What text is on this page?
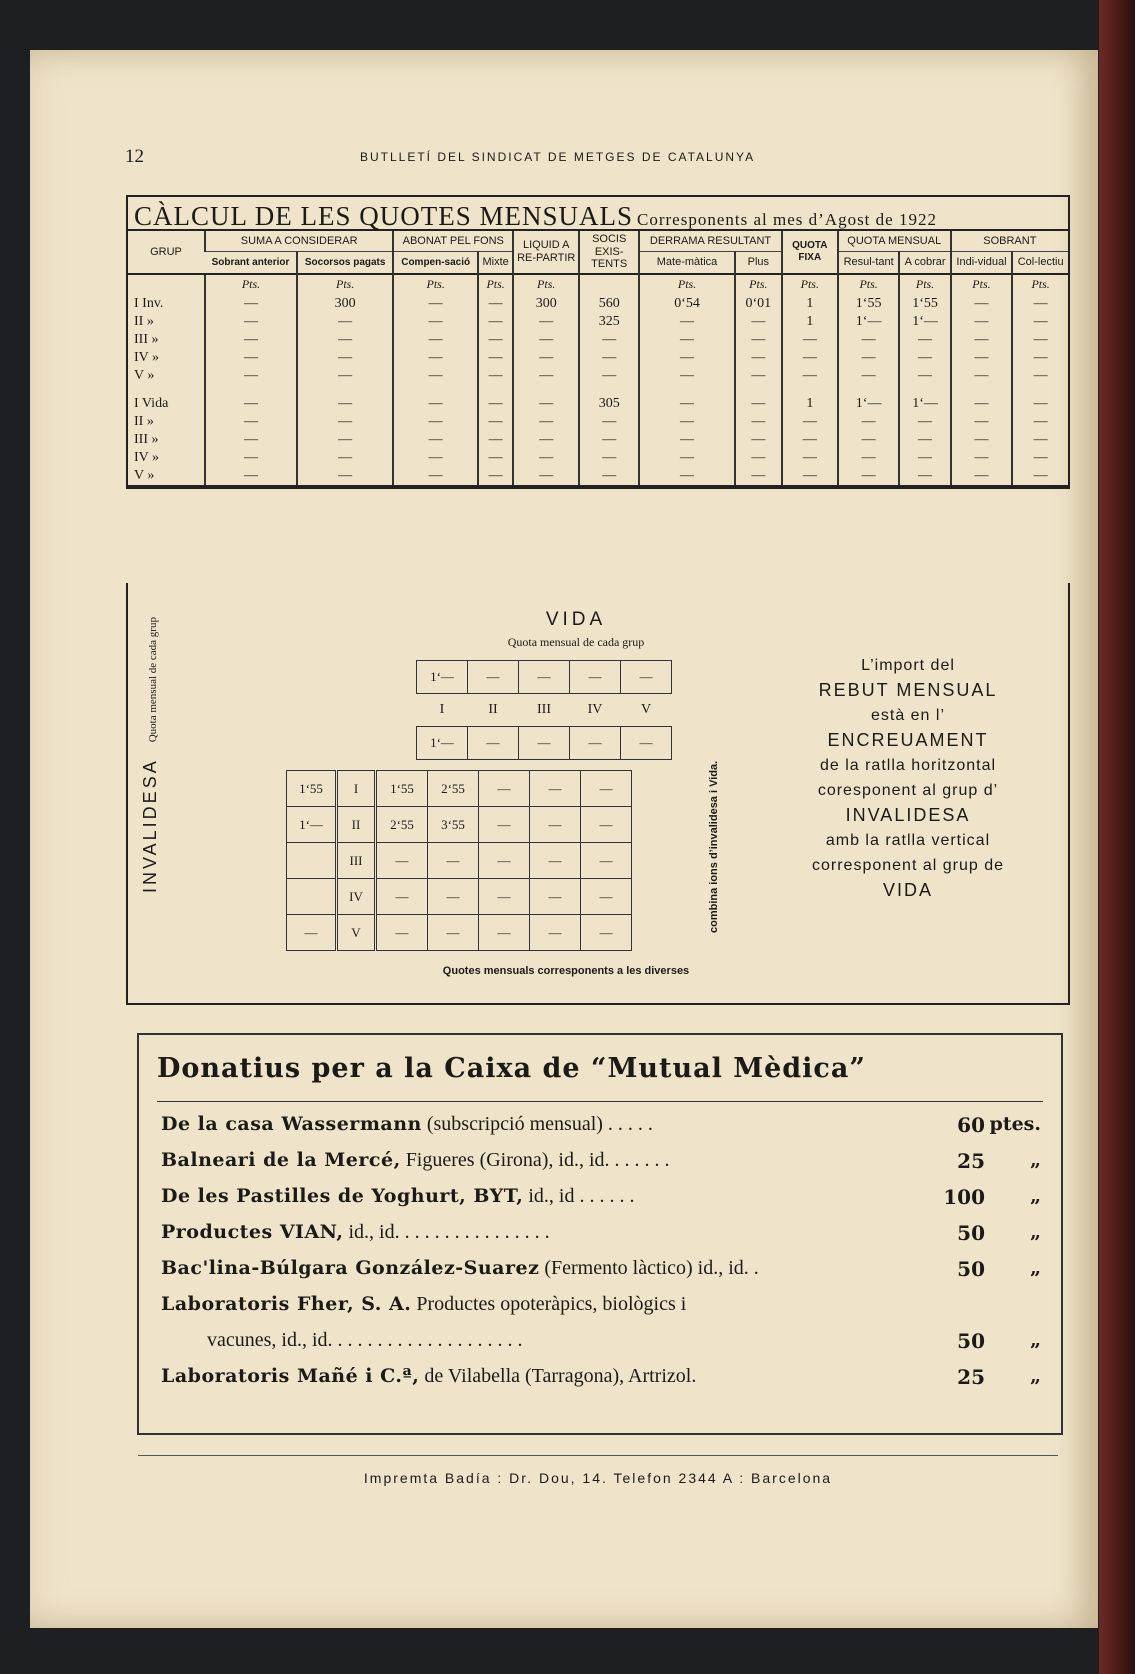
12	BUTLLETÍ DEL SINDICAT DE METGES DE CATALUNYA
CÀLCUL DE LES QUOTES MENSUALS Corresponents al mes d’Agost de 1922
GRUP	SUMA A CONSIDERAR		ABONAT PEL FONS		LIQUID A RE-PARTIR	SOCIS EXIS-TENTS	DERRAMA RESULTANT		QUOTA FIXA	QUOTA MENSUAL		SOBRANT	
	Sobrant anterior	Socorsos pagats	Compen-sació	Mixte			Mate-màtica	Plus		Resul-tant	A cobrar	Indi-vidual	Col-lectiu
	Pts.	Pts.	Pts.	Pts.	Pts.		Pts.	Pts.	Pts.	Pts.	Pts.	Pts.	Pts.
I Inv.	—	300	—	—	300	560	0‘54	0‘01	1	1‘55	1‘55	—	—
II »	—	—	—	—	—	325	—	—	1	1‘—	1‘—	—	—
III »	—	—	—	—	—	—	—	—	—	—	—	—	—
IV »	—	—	—	—	—	—	—	—	—	—	—	—	—
V »	—	—	—	—	—	—	—	—	—	—	—	—	—

I Vida	—	—	—	—	—	305	—	—	1	1‘—	1‘—	—	—
II »	—	—	—	—	—	—	—	—	—	—	—	—	—
III »	—	—	—	—	—	—	—	—	—	—	—	—	—
IV »	—	—	—	—	—	—	—	—	—	—	—	—	—
V »	—	—	—	—	—	—	—	—	—	—	—	—	—
VIDA
Quota mensual de cada grup
1‘—	—	—	—	—
I	II	III	IV	V
1‘—	—	—	—	—
INVALIDESA Quota mensual de cada grup
1‘55	I	1‘55	2‘55	—	—	—
1‘—	II	2‘55	3‘55	—	—	—
	III	—	—	—	—	—
	IV	—	—	—	—	—
—	V	—	—	—	—	—	combina ions d’invalidesa i Vida.
Quotes mensuals corresponents a les diverses
L’import del
REBUT MENSUAL
està en l’
ENCREUAMENT
de la ratlla horitzontal
coresponent al grup d’
INVALIDESA
amb la ratlla vertical
corresponent al grup de
VIDA
Donatius per a la Caixa de “Mutual Mèdica”
De la casa Wassermann (subscripció mensual) . . . . .	60 ptes.
Balneari de la Mercé, Figueres (Girona), id., id. . . . . . .	25 „
De les Pastilles de Yoghurt, BYT, id., id . . . . . .	100 „
Productes VIAN, id., id. . . . . . . . . . . . . . . .	50 „
Bac'lina-Búlgara González-Suarez (Fermento làctico) id., id. .	50 „
Laboratoris Fher, S. A. Productes opoteràpics, biològics i
vacunes, id., id. . . . . . . . . . . . . . . . . . . .	50 „
Laboratoris Mañé i C.ª, de Vilabella (Tarragona), Artrizol.	25 „
Impremta Badía : Dr. Dou, 14. Telefon 2344 A : Barcelona
